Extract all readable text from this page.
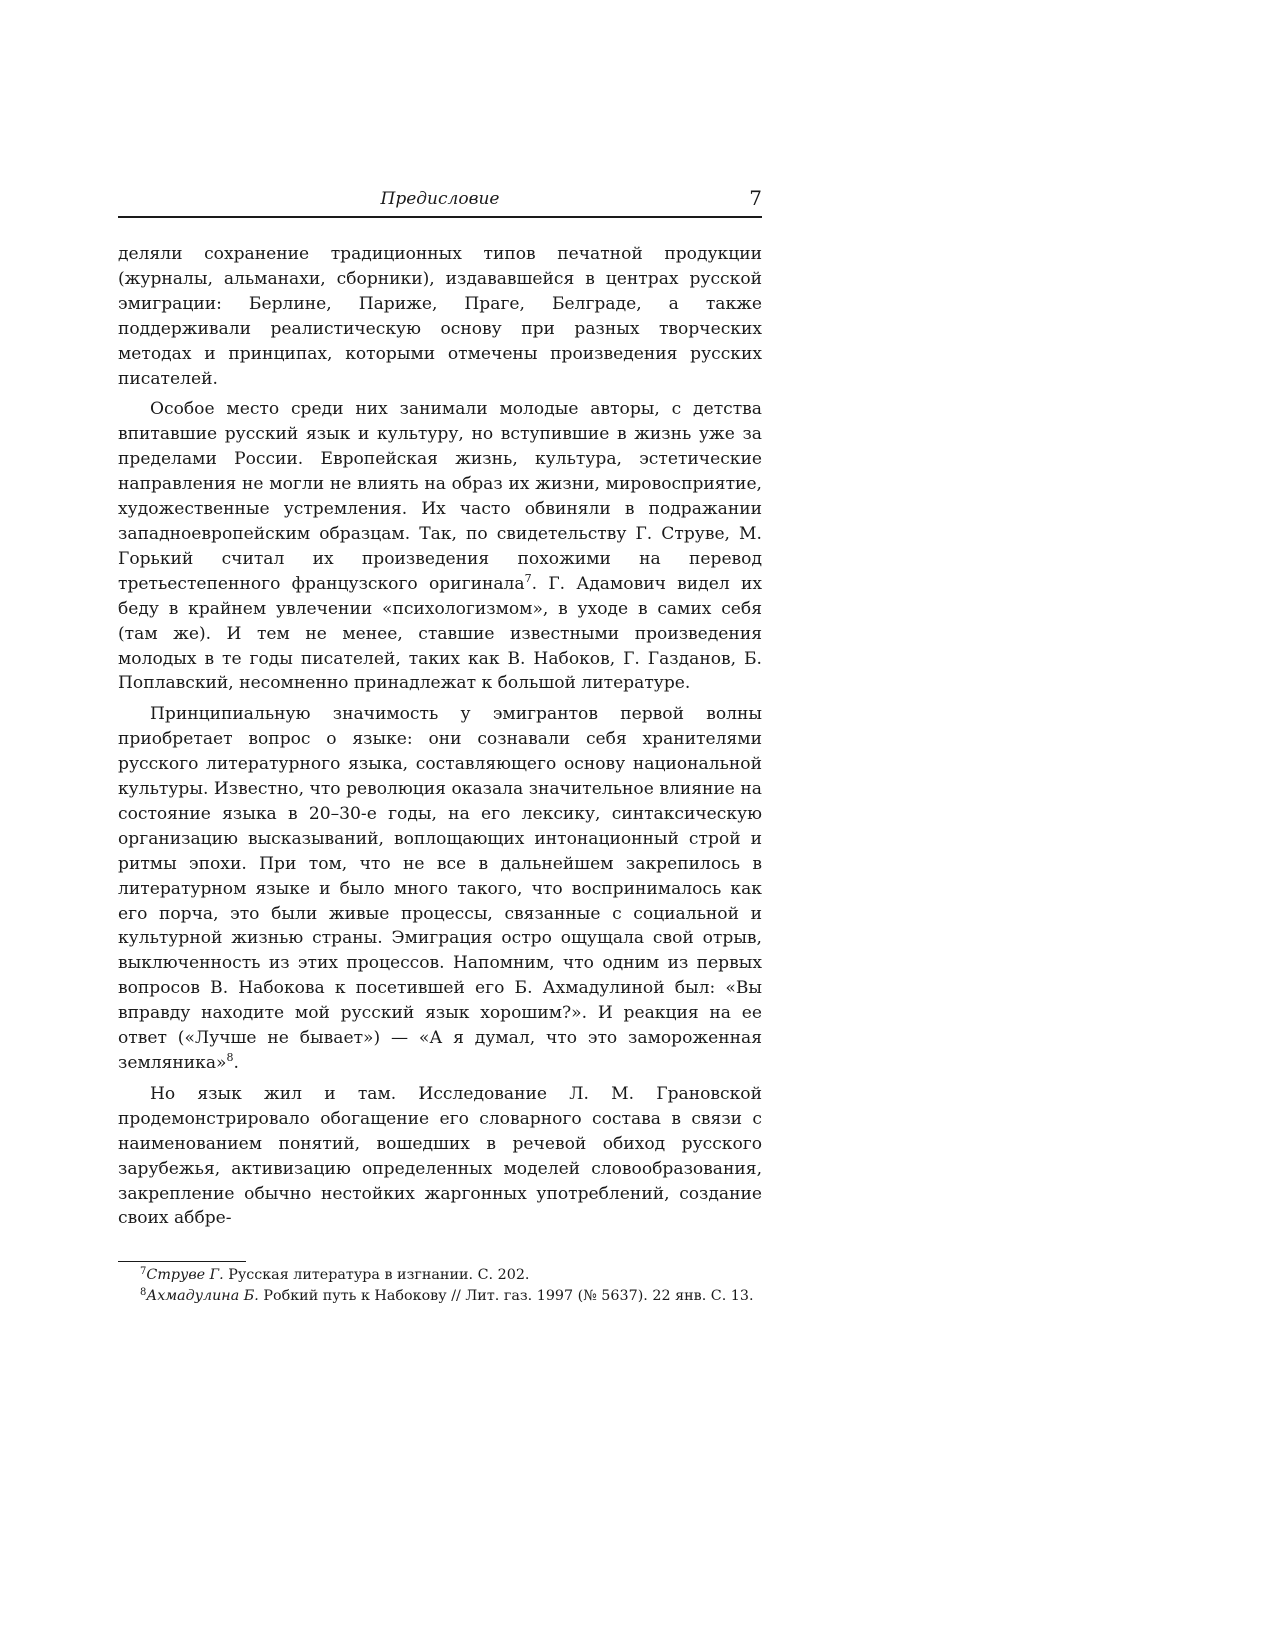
Предисловие	7

деляли сохранение традиционных типов печатной продукции (журналы, альманахи, сборники), издававшейся в центрах русской эмиграции: Берлине, Париже, Праге, Белграде, а также поддерживали реалистическую основу при разных творческих методах и принципах, которыми отмечены произведения русских писателей.

Особое место среди них занимали молодые авторы, с детства впитавшие русский язык и культуру, но вступившие в жизнь уже за пределами России. Европейская жизнь, культура, эстетические направления не могли не влиять на образ их жизни, мировосприятие, художественные устремления. Их часто обвиняли в подражании западноевропейским образцам. Так, по свидетельству Г. Струве, М. Горький считал их произведения похожими на перевод третьестепенного французского оригинала$^7$. Г. Адамович видел их беду в крайнем увлечении «психологизмом», в уходе в самих себя (там же). И тем не менее, ставшие известными произведения молодых в те годы писателей, таких как В. Набоков, Г. Газданов, Б. Поплавский, несомненно принадлежат к большой литературе.

Принципиальную значимость у эмигрантов первой волны приобретает вопрос о языке: они сознавали себя хранителями русского литературного языка, составляющего основу национальной культуры. Известно, что революция оказала значительное влияние на состояние языка в 20–30-е годы, на его лексику, синтаксическую организацию высказываний, воплощающих интонационный строй и ритмы эпохи. При том, что не все в дальнейшем закрепилось в литературном языке и было много такого, что воспринималось как его порча, это были живые процессы, связанные с социальной и культурной жизнью страны. Эмиграция остро ощущала свой отрыв, выключенность из этих процессов. Напомним, что одним из первых вопросов В. Набокова к посетившей его Б. Ахмадулиной был: «Вы вправду находите мой русский язык хорошим?». И реакция на ее ответ («Лучше не бывает») — «А я думал, что это замороженная земляника»$^8$.

Но язык жил и там. Исследование Л. М. Грановской продемонстрировало обогащение его словарного состава в связи с наименованием понятий, вошедших в речевой обиход русского зарубежья, активизацию определенных моделей словообразования, закрепление обычно нестойких жаргонных употреблений, создание своих аббре-

$^7$Струве Г. Русская литература в изгнании. С. 202.

$^8$Ахмадулина Б. Робкий путь к Набокову // Лит. газ. 1997 (№ 5637). 22 янв. С. 13.
